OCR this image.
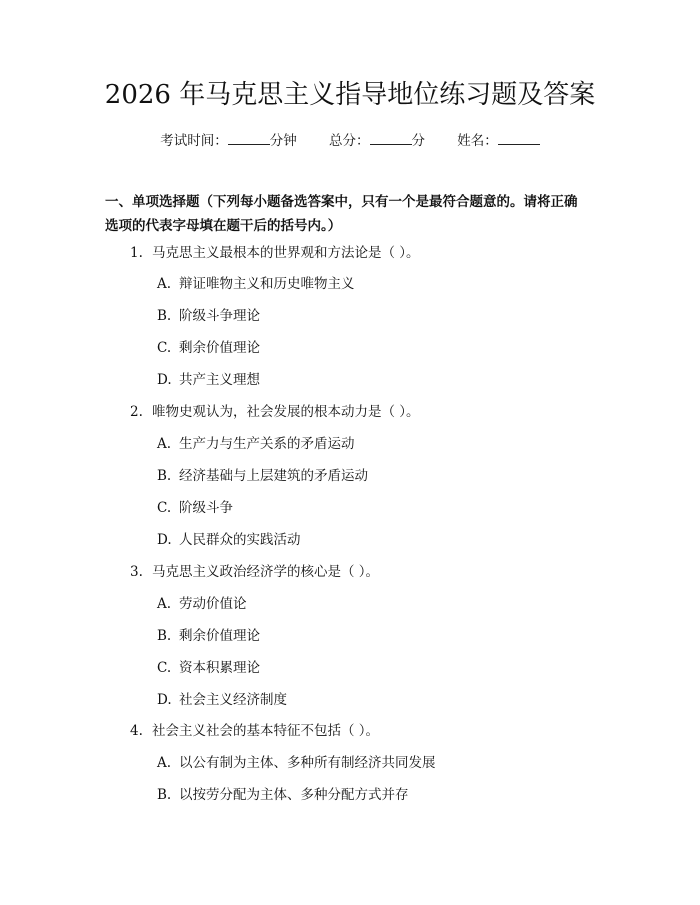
2026 年马克思主义指导地位练习题及答案
考试时间：	分钟 总分：	分 姓名：
一、单项选择题（下列每小题备选答案中，只有一个是最符合题意的。请将正确
选项的代表字母填在题干后的括号内。）
1. 马克思主义最根本的世界观和方法论是（ ）。
A. 辩证唯物主义和历史唯物主义
B. 阶级斗争理论
C. 剩余价值理论
D. 共产主义理想
2. 唯物史观认为，社会发展的根本动力是（ ）。
A. 生产力与生产关系的矛盾运动
B. 经济基础与上层建筑的矛盾运动
C. 阶级斗争
D. 人民群众的实践活动
3. 马克思主义政治经济学的核心是（ ）。
A. 劳动价值论
B. 剩余价值理论
C. 资本积累理论
D. 社会主义经济制度
4. 社会主义社会的基本特征不包括（ ）。
A. 以公有制为主体、多种所有制经济共同发展
B. 以按劳分配为主体、多种分配方式并存
